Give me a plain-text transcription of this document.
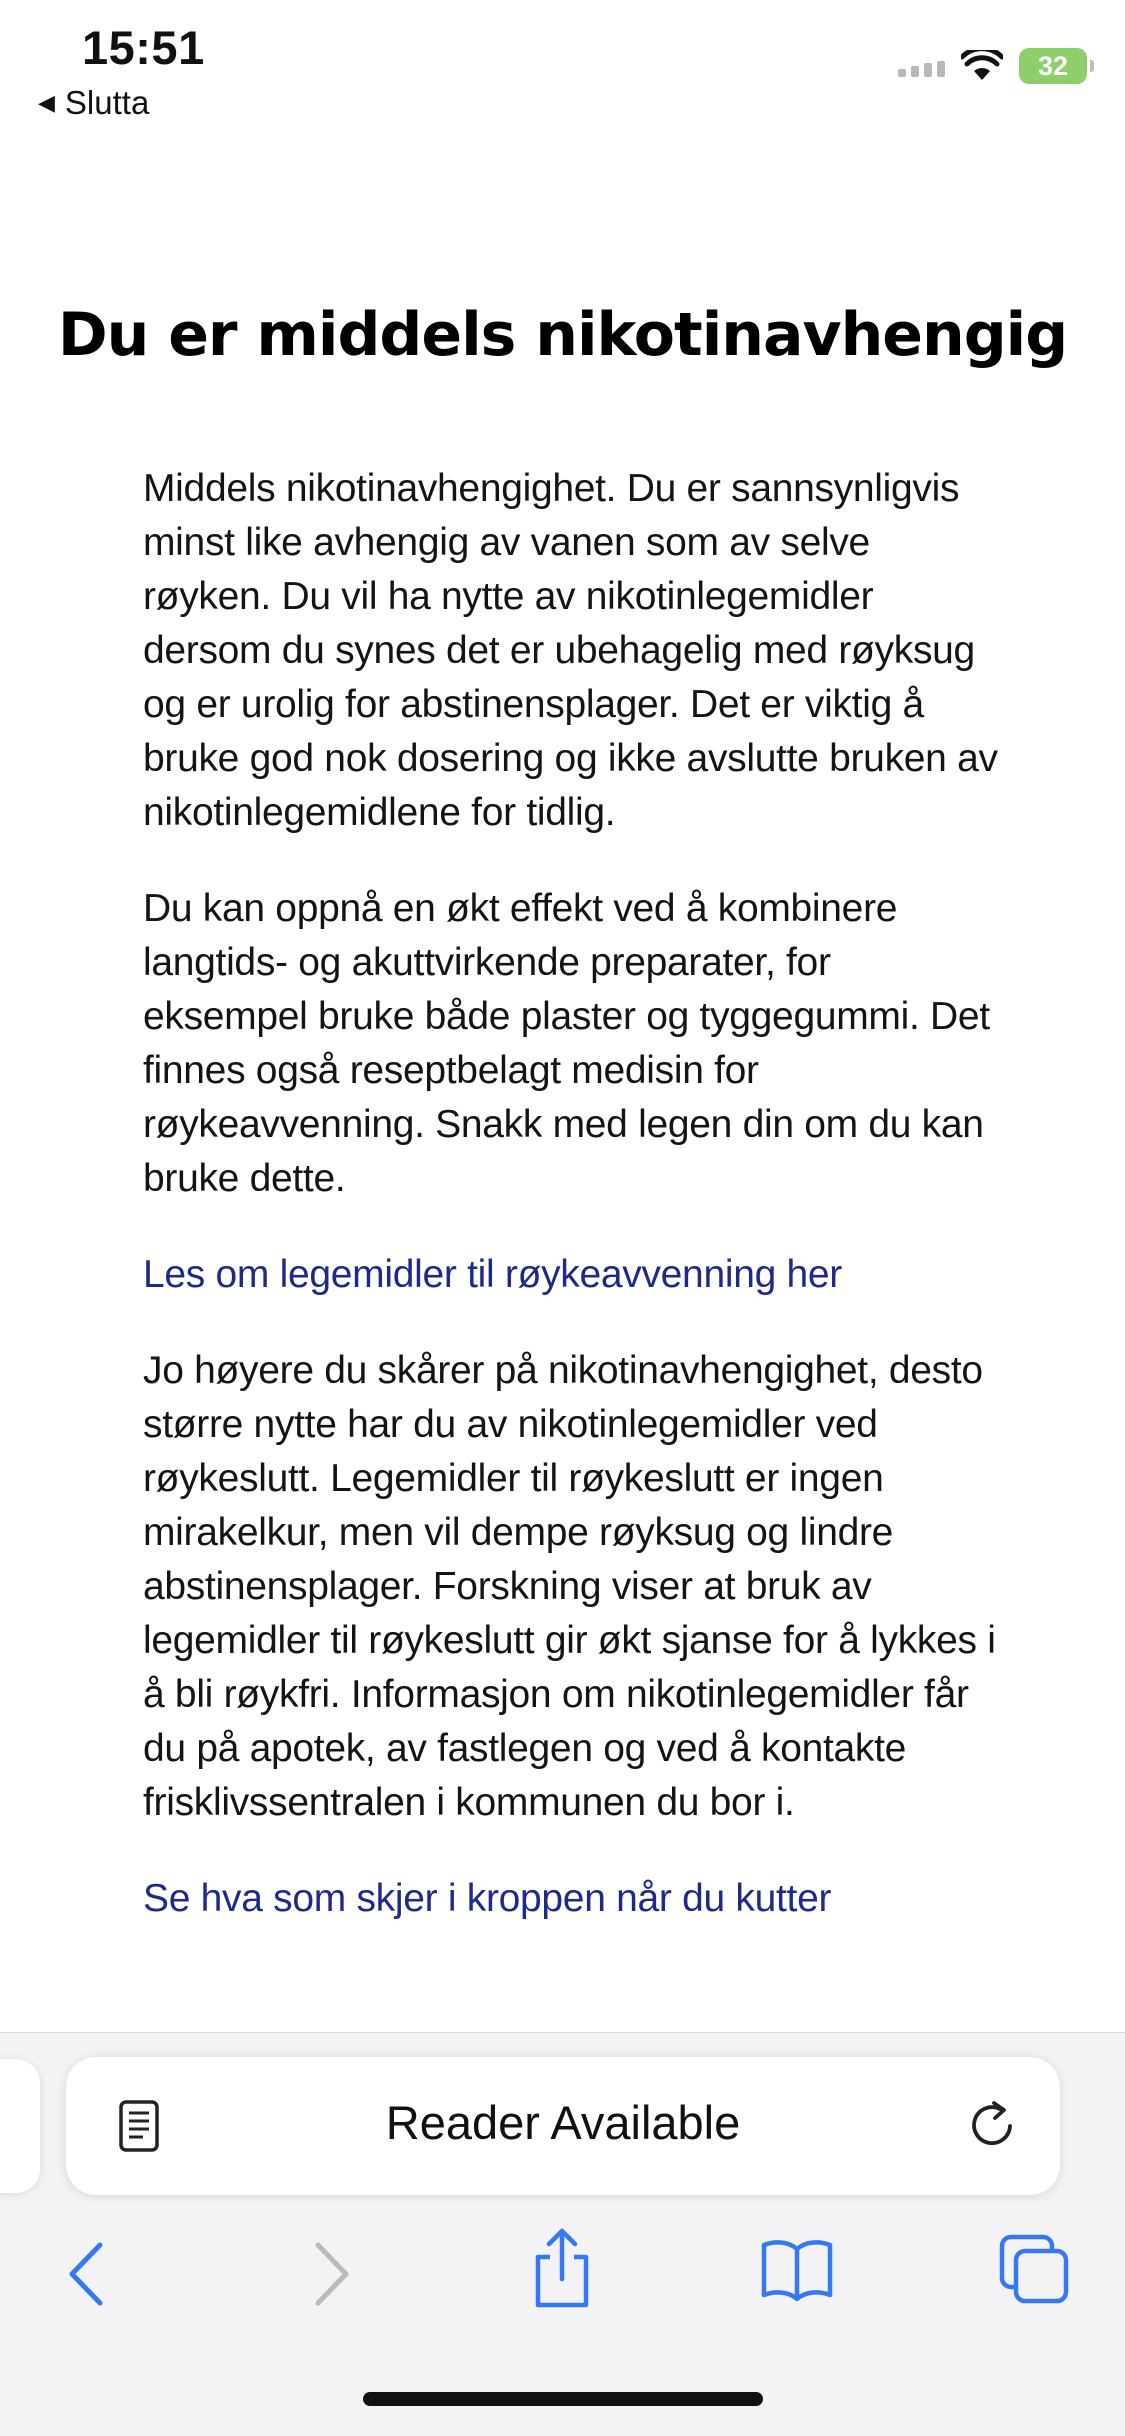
15:51
◀ Slutta
32
Du er middels nikotinavhengig

Middels nikotinavhengighet. Du er sannsynligvis minst like avhengig av vanen som av selve røyken. Du vil ha nytte av nikotinlegemidler dersom du synes det er ubehagelig med røyksug og er urolig for abstinensplager. Det er viktig å bruke god nok dosering og ikke avslutte bruken av nikotinlegemidlene for tidlig.

Du kan oppnå en økt effekt ved å kombinere langtids- og akuttvirkende preparater, for eksempel bruke både plaster og tyggegummi. Det finnes også reseptbelagt medisin for røykeavvenning. Snakk med legen din om du kan bruke dette.

Les om legemidler til røykeavvenning her

Jo høyere du skårer på nikotinavhengighet, desto større nytte har du av nikotinlegemidler ved røykeslutt. Legemidler til røykeslutt er ingen mirakelkur, men vil dempe røyksug og lindre abstinensplager. Forskning viser at bruk av legemidler til røykeslutt gir økt sjanse for å lykkes i å bli røykfri. Informasjon om nikotinlegemidler får du på apotek, av fastlegen og ved å kontakte frisklivssentralen i kommunen du bor i.

Se hva som skjer i kroppen når du kutter
Reader Available
